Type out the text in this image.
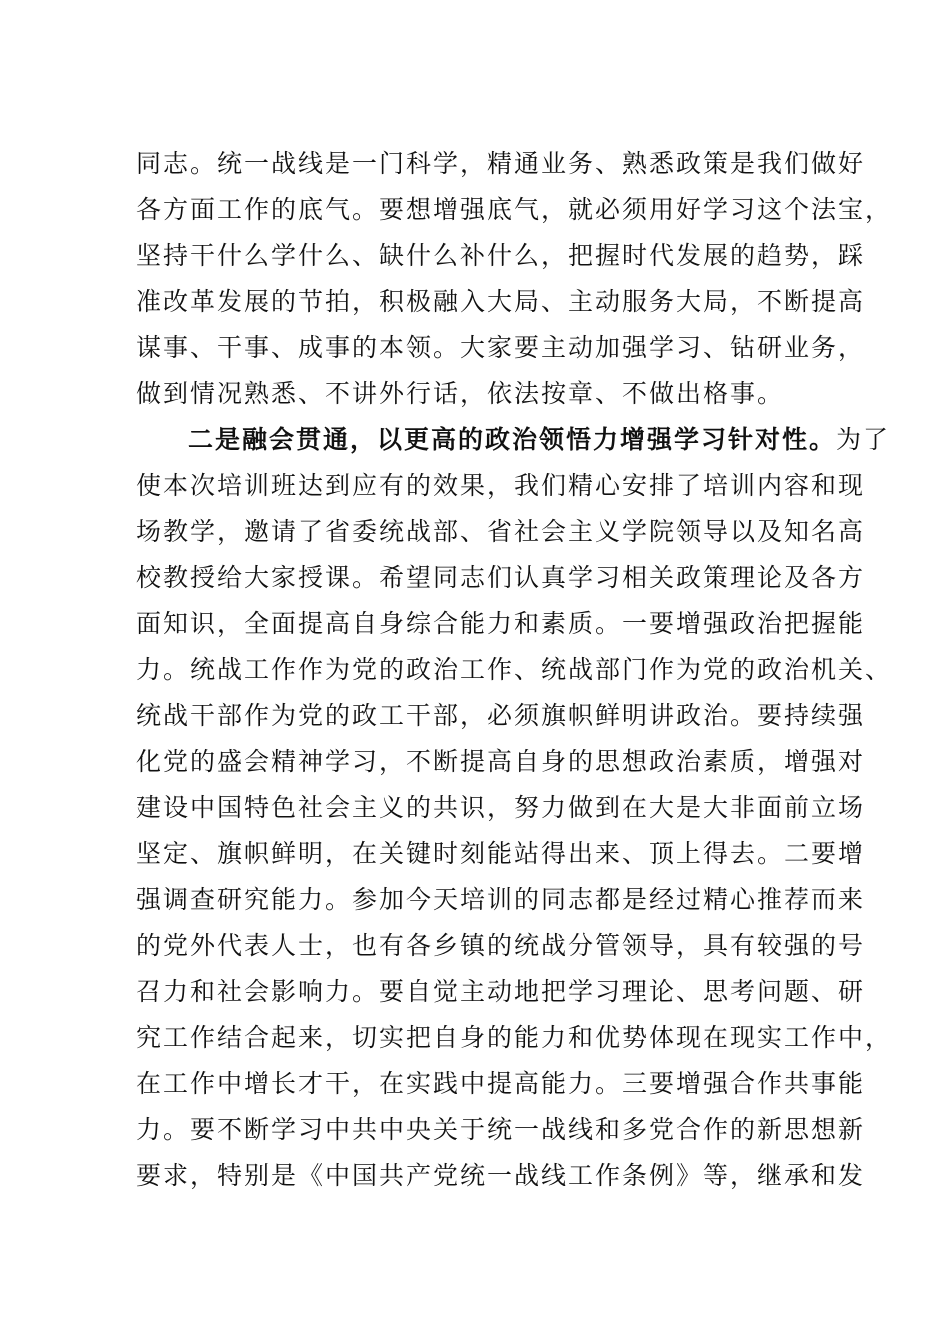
同志。统一战线是一门科学，精通业务、熟悉政策是我们做好
各方面工作的底气。要想增强底气，就必须用好学习这个法宝，
坚持干什么学什么、缺什么补什么，把握时代发展的趋势，踩
准改革发展的节拍，积极融入大局、主动服务大局，不断提高
谋事、干事、成事的本领。大家要主动加强学习、钻研业务，
做到情况熟悉、不讲外行话，依法按章、不做出格事。
二是融会贯通，以更高的政治领悟力增强学习针对性。为了
使本次培训班达到应有的效果，我们精心安排了培训内容和现
场教学，邀请了省委统战部、省社会主义学院领导以及知名高
校教授给大家授课。希望同志们认真学习相关政策理论及各方
面知识，全面提高自身综合能力和素质。一要增强政治把握能
力。统战工作作为党的政治工作、统战部门作为党的政治机关、
统战干部作为党的政工干部，必须旗帜鲜明讲政治。要持续强
化党的盛会精神学习，不断提高自身的思想政治素质，增强对
建设中国特色社会主义的共识，努力做到在大是大非面前立场
坚定、旗帜鲜明，在关键时刻能站得出来、顶上得去。二要增
强调查研究能力。参加今天培训的同志都是经过精心推荐而来
的党外代表人士，也有各乡镇的统战分管领导，具有较强的号
召力和社会影响力。要自觉主动地把学习理论、思考问题、研
究工作结合起来，切实把自身的能力和优势体现在现实工作中，
在工作中增长才干，在实践中提高能力。三要增强合作共事能
力。要不断学习中共中央关于统一战线和多党合作的新思想新
要求，特别是《中国共产党统一战线工作条例》等，继承和发
